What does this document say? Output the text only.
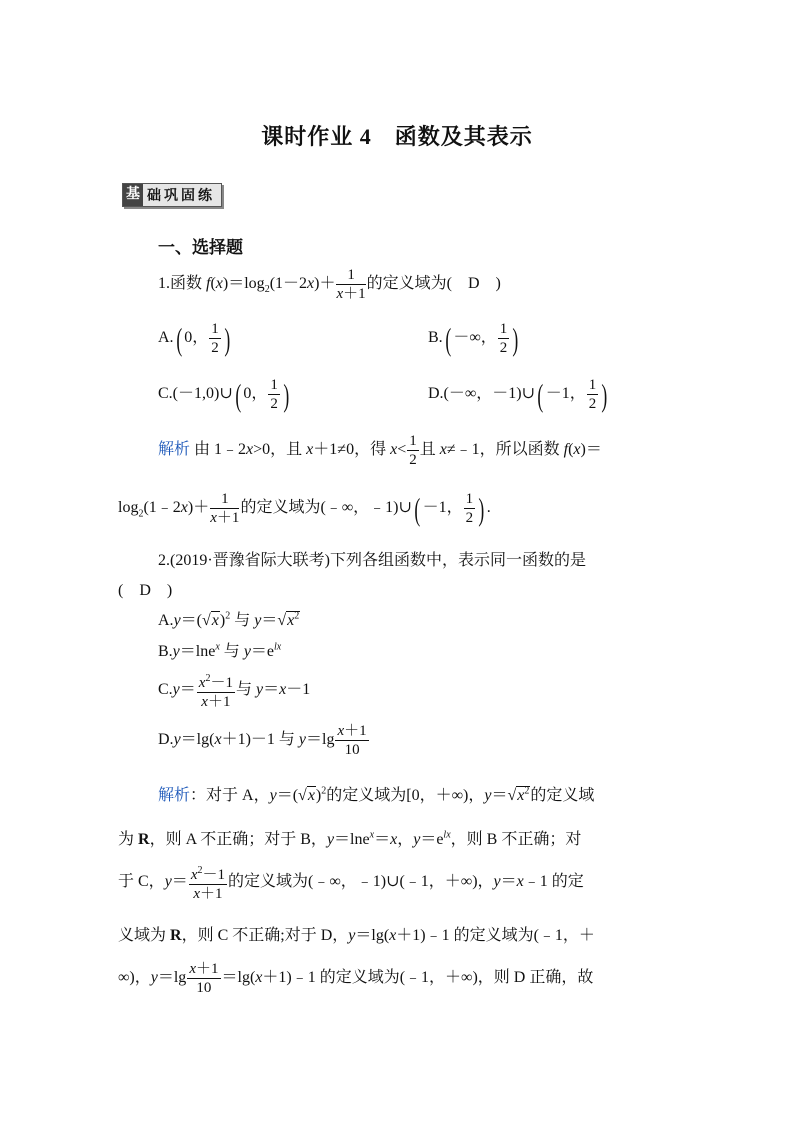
课时作业 4　函数及其表示
基 础巩固练
一、选择题
1.函数 $f(x)=\log_2(1-2x)+ \frac{1}{x+1}$ 的定义域为(　D　)
A.( 0， $\frac{1}{2}$ )	B.( －∞， $\frac{1}{2}$ )
C.(－1,0)∪( 0， $\frac{1}{2}$ )	D.(－∞，－1)∪( －1， $\frac{1}{2}$ )
解析 由 1﹣2x>0，且 x＋1≠0，得 $x< \frac{1}{2}$ 且 x≠﹣1，所以函数 f(x)＝
$\log_2(1﹣2x)+ \frac{1}{x+1}$ 的定义域为(﹣∞，﹣1)∪( －1， $\frac{1}{2}$ ) .
2.(2019·晋豫省际大联考)下列各组函数中，表示同一函数的是
(　D　)
$A.y=(√x)^2$ 与 $y=√x^2$
B.y＝lne$^x$ 与 $y=e^{lx}$
$C.y= \frac{x^2-1}{x+1}$ 与 y＝x－1
D.y＝lg(x＋1)－1 与 $y=\lg \frac{x+1}{10}$
解析：对于 A，$y=(√x)^2$的定义域为[0，＋∞)，$y=√x^2$的定义域
为 R，则 A 不正确；对于 B，y＝lne$^x$＝x，$y=e^{lx}$，则 B 不正确；对
于 C，$y= \frac{x^2-1}{x+1}$ 的定义域为(﹣∞，﹣1)∪(﹣1，＋∞)，y＝x﹣1 的定
义域为 R，则 C 不正确;对于 D，y＝lg(x＋1)﹣1 的定义域为(﹣1，＋
∞)，$y=\lg \frac{x+1}{10}$ ＝lg(x＋1)﹣1 的定义域为(﹣1，＋∞)，则 D 正确，故
